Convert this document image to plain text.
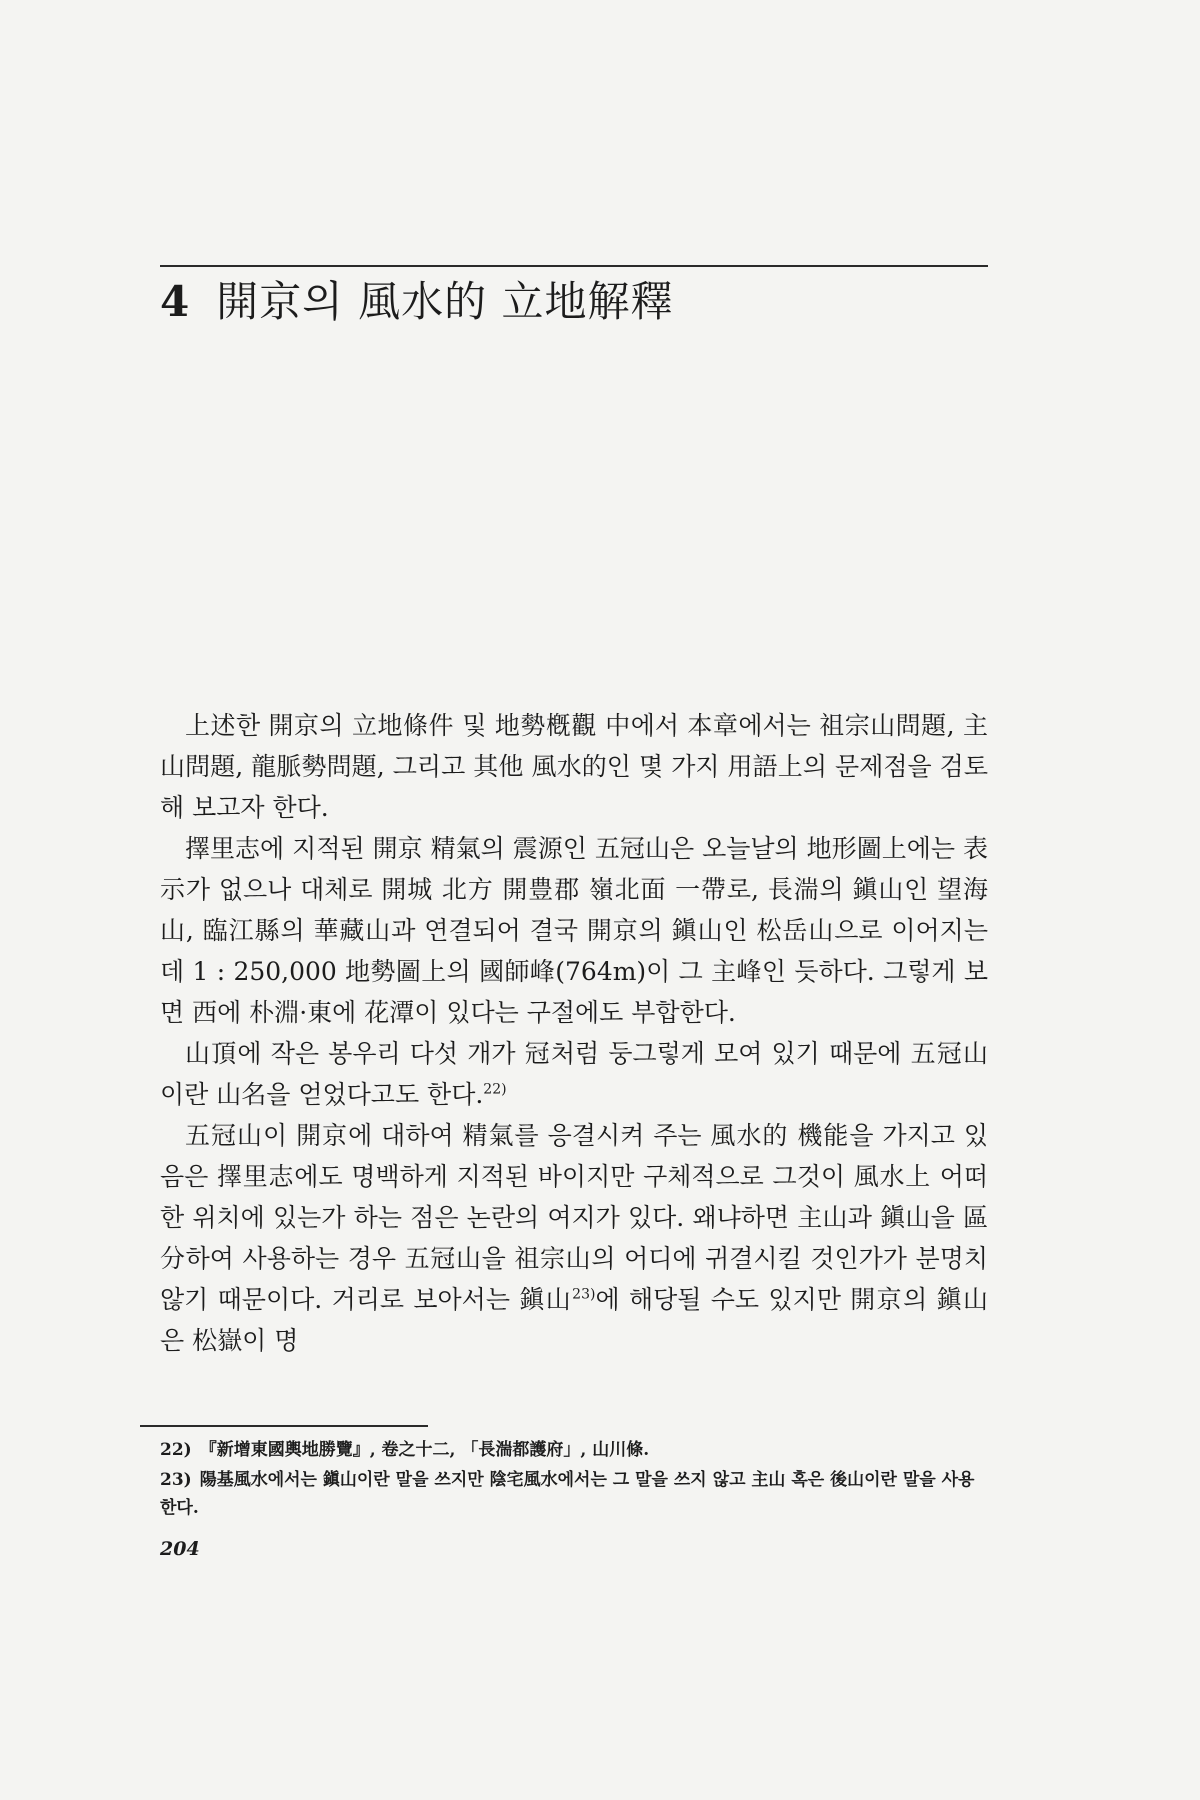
4 開京의 風水的 立地解釋

上述한 開京의 立地條件 및 地勢槪觀 中에서 本章에서는 祖宗山問題, 主山問題, 龍脈勢問題, 그리고 其他 風水的인 몇 가지 用語上의 문제점을 검토해 보고자 한다.

擇里志에 지적된 開京 精氣의 震源인 五冠山은 오늘날의 地形圖上에는 表示가 없으나 대체로 開城 北方 開豊郡 嶺北面 一帶로, 長湍의 鎭山인 望海山, 臨江縣의 華藏山과 연결되어 결국 開京의 鎭山인 松岳山으로 이어지는데 1 : 250,000 地勢圖上의 國師峰(764m)이 그 主峰인 듯하다. 그렇게 보면 西에 朴淵·東에 花潭이 있다는 구절에도 부합한다.

山頂에 작은 봉우리 다섯 개가 冠처럼 둥그렇게 모여 있기 때문에 五冠山이란 山名을 얻었다고도 한다.$^{22)}$

五冠山이 開京에 대하여 精氣를 응결시켜 주는 風水的 機能을 가지고 있음은 擇里志에도 명백하게 지적된 바이지만 구체적으로 그것이 風水上 어떠한 위치에 있는가 하는 점은 논란의 여지가 있다. 왜냐하면 主山과 鎭山을 區分하여 사용하는 경우 五冠山을 祖宗山의 어디에 귀결시킬 것인가가 분명치 않기 때문이다. 거리로 보아서는 鎭山$^{23)}$에 해당될 수도 있지만 開京의 鎭山은 松嶽이 명

22) 『新增東國輿地勝覽』, 卷之十二, 「長湍都護府」, 山川條.
23) 陽基風水에서는 鎭山이란 말을 쓰지만 陰宅風水에서는 그 말을 쓰지 않고 主山 혹은 後山이란 말을 사용한다.
204
